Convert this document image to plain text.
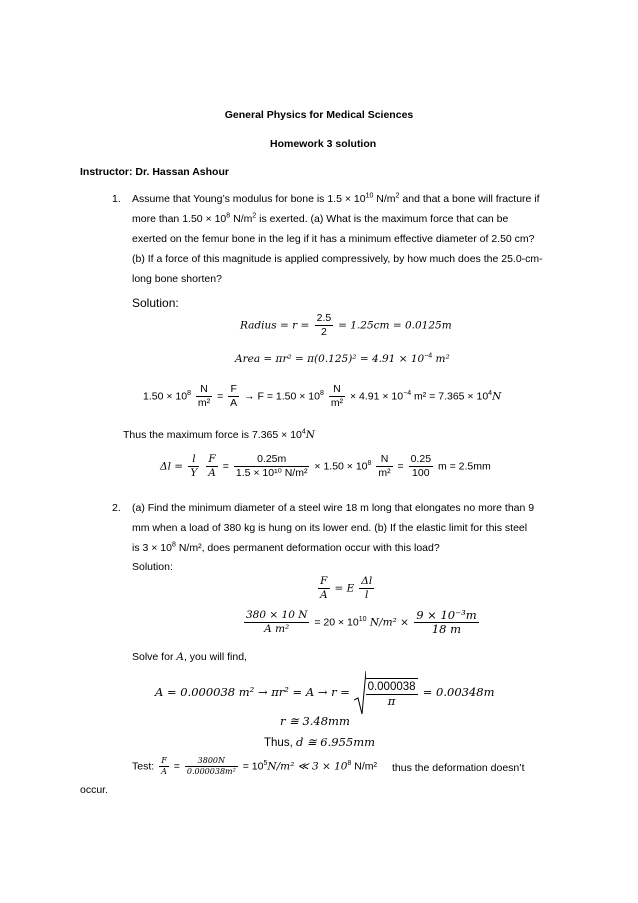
General Physics for Medical Sciences
Homework 3 solution
Instructor: Dr. Hassan Ashour
1. Assume that Young’s modulus for bone is $1.5 \times 10^{10}$ $N/m^2$ and that a bone will fracture if
more than $1.50 \times 10^8$ $N/m^2$ is exerted. (a) What is the maximum force that can be
exerted on the femur bone in the leg if it has a minimum effective diameter of 2.50 cm?
(b) If a force of this magnitude is applied compressively, by how much does the 25.0-cm-
long bone shorten?
Solution:
Radius = $r = \frac{2.5}{2} = 1.25cm = 0.0125m$
Area = $\pi r^2 = \pi(0.125)^2 = 4.91 \times 10^{-4}$ m²
$1.50 \times 10^8 \frac{N}{\text{m²}} = \frac{F}{A} \to F = 1.50 \times 10^8 \frac{N}{\text{m²}} \times 4.91 \times 10^{-4}$ $m^2 = 7.365 \times 10^4N$
Thus the maximum force is $7.365 \times 10^4N$
$\Delta l = \frac{l}{Y}$
$\frac{F}{A} = \frac{0.25m}{\text{1.5 × 10¹⁰ N/m²}} \times 1.50 \times 10^8 \frac{N}{\text{m²}} = \frac{0.25}{100}$ m = 2.5mm
2. (a) Find the minimum diameter of a steel wire 18 m long that elongates no more than 9
mm when a load of 380 kg is hung on its lower end. (b) If the elastic limit for this steel
is $3 \times 10^8$ N/m², does permanent deformation occur with this load?
Solution:
$\frac{F}{A} = E \frac{\Delta l}{l}$
$\frac{380 \times 10 N}{\text{A m²}} = 20 \times 10^{10}$ $N/m^2 \times \frac{\text{9 × 10⁻³m}}{18 m}$
Solve for A, you will find,
A = 0.000038 $m^2 \to \pi r^2 = A \to r = \frac{0.000038}{\pi} = 0.00348m$
r ≅ 3.48mm
Thus, d ≅ 6.955mm
Test: $\frac{F}{A} = \frac{3800N}{\text{0.000038m²}} = 10^5N/m^2$ ≪ $3 \times 10^8$ N/m² thus the deformation doesn’t
occur.
